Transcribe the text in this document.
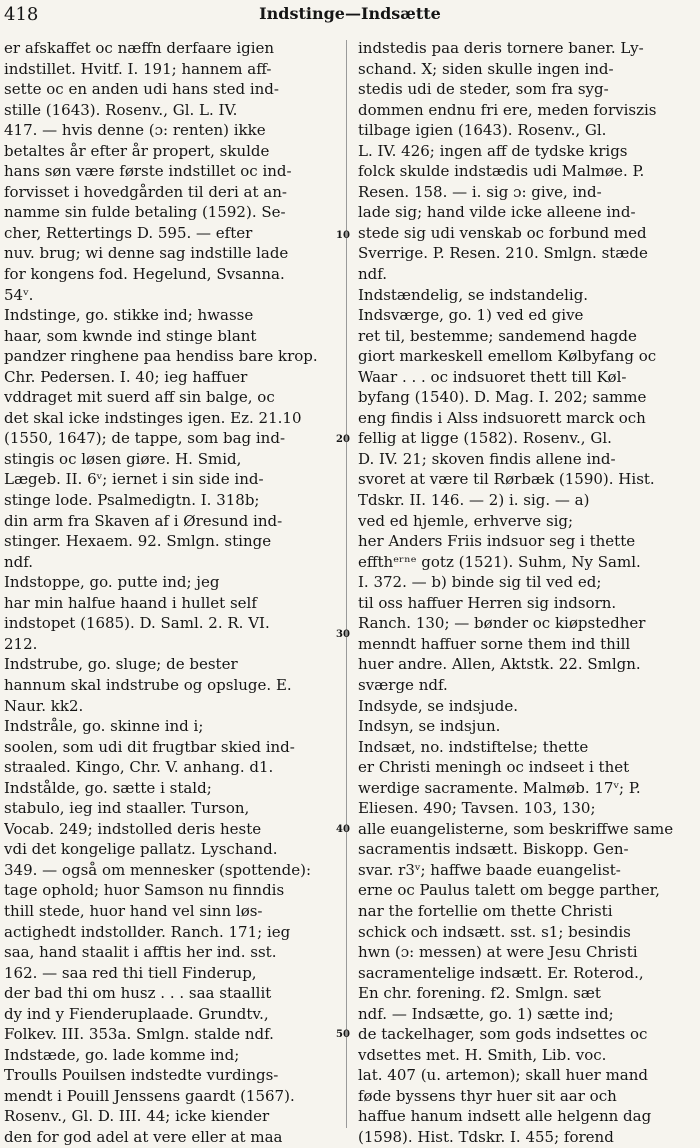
418	Indstinge—Indsætte
er afskaffet oc næffn derfaare igien
indstillet. Hvitf. I. 191; hannem aff-
sette oc en anden udi hans sted ind-
stille (1643). Rosenv., Gl. L. IV.
417. — hvis denne (ɔ: renten) ikke
betaltes år efter år propert, skulde
hans søn være første indstillet oc ind-
forvisset i hovedgården til deri at an-
namme sin fulde betaling (1592). Se-
cher, Rettertings D. 595. — efter
nuv. brug; wi denne sag indstille lade
for kongens fod. Hegelund, Svsanna.
54ᵛ.
Indstinge, go. stikke ind; hwasse
haar, som kwnde ind stinge blant
pandzer ringhene paa hendiss bare krop.
Chr. Pedersen. I. 40; ieg haffuer
vddraget mit suerd aff sin balge, oc
det skal icke indstinges igen. Ez. 21.10
(1550, 1647); de tappe, som bag ind-
stingis oc løsen giøre. H. Smid,
Lægeb. II. 6ᵛ; iernet i sin side ind-
stinge lode. Psalmedigtn. I. 318b;
din arm fra Skaven af i Øresund ind-
stinger. Hexaem. 92. Smlgn. stinge
ndf.
Indstoppe, go. putte ind; jeg
har min halfue haand i hullet self
indstopet (1685). D. Saml. 2. R. VI.
212.
Indstrube, go. sluge; de bester
hannum skal indstrube og opsluge. E.
Naur. kk2.
Indstråle, go. skinne ind i;
soolen, som udi dit frugtbar skied ind-
straaled. Kingo, Chr. V. anhang. d1.
Indstålde, go. sætte i stald;
stabulo, ieg ind staaller. Turson,
Vocab. 249; indstolled deris heste
vdi det kongelige pallatz. Lyschand.
349. — også om mennesker (spottende):
tage ophold; huor Samson nu finndis
thill stede, huor hand vel sinn løs-
actighedt indstollder. Ranch. 171; ieg
saa, hand staalit i afftis her ind. sst.
162. — saa red thi tiell Finderup,
der bad thi om husz . . . saa staallit
dy ind y Fienderuplaade. Grundtv.,
Folkev. III. 353a. Smlgn. stalde ndf.
Indstæde, go. lade komme ind;
Troulls Pouilsen indstedte vurdings-
mendt i Pouill Jenssens gaardt (1567).
Rosenv., Gl. D. III. 44; icke kiender
den for god adel at vere eller at maa
10
20
30
40
50
indstedis paa deris tornere baner. Ly-
schand. X; siden skulle ingen ind-
stedis udi de steder, som fra syg-
dommen endnu fri ere, meden forviszis
tilbage igien (1643). Rosenv., Gl.
L. IV. 426; ingen aff de tydske krigs
folck skulde indstædis udi Malmøe. P.
Resen. 158. — i. sig ɔ: give, ind-
lade sig; hand vilde icke alleene ind-
stede sig udi venskab oc forbund med
Sverrige. P. Resen. 210. Smlgn. stæde
ndf.
Indstændelig, se indstandelig.
Indsværge, go. 1) ved ed give
ret til, bestemme; sandemend hagde
giort markeskell emellom Kølbyfang oc
Waar . . . oc indsuoret thett till Køl-
byfang (1540). D. Mag. I. 202; samme
eng findis i Alss indsuorett marck och
fellig at ligge (1582). Rosenv., Gl.
D. IV. 21; skoven findis allene ind-
svoret at være til Rørbæk (1590). Hist.
Tdskr. II. 146. — 2) i. sig. — a)
ved ed hjemle, erhverve sig;
her Anders Friis indsuor seg i thette
effthᵉʳⁿᵉ gotz (1521). Suhm, Ny Saml.
I. 372. — b) binde sig til ved ed;
til oss haffuer Herren sig indsorn.
Ranch. 130; — bønder oc kiøpstedher
menndt haffuer sorne them ind thill
huer andre. Allen, Aktstk. 22. Smlgn.
sværge ndf.
Indsyde, se indsjude.
Indsyn, se indsjun.
Indsæt, no. indstiftelse; thette
er Christi meningh oc indseet i thet
werdige sacramente. Malmøb. 17ᵛ; P.
Eliesen. 490; Tavsen. 103, 130;
alle euangelisterne, som beskriffwe same
sacramentis indsætt. Biskopp. Gen-
svar. r3ᵛ; haffwe baade euangelist-
erne oc Paulus talett om begge parther,
nar the fortellie om thette Christi
schick och indsætt. sst. s1; besindis
hwn (ɔ: messen) at were Jesu Christi
sacramentelige indsætt. Er. Roterod.,
En chr. forening. f2. Smlgn. sæt
ndf. — Indsætte, go. 1) sætte ind;
de tackelhager, som gods indsettes oc
vdsettes met. H. Smith, Lib. voc.
lat. 407 (u. artemon); skall huer mand
føde byssens thyr huer sit aar och
haffue hanum indsett alle helgenn dag
(1598). Hist. Tdskr. I. 455; forend
